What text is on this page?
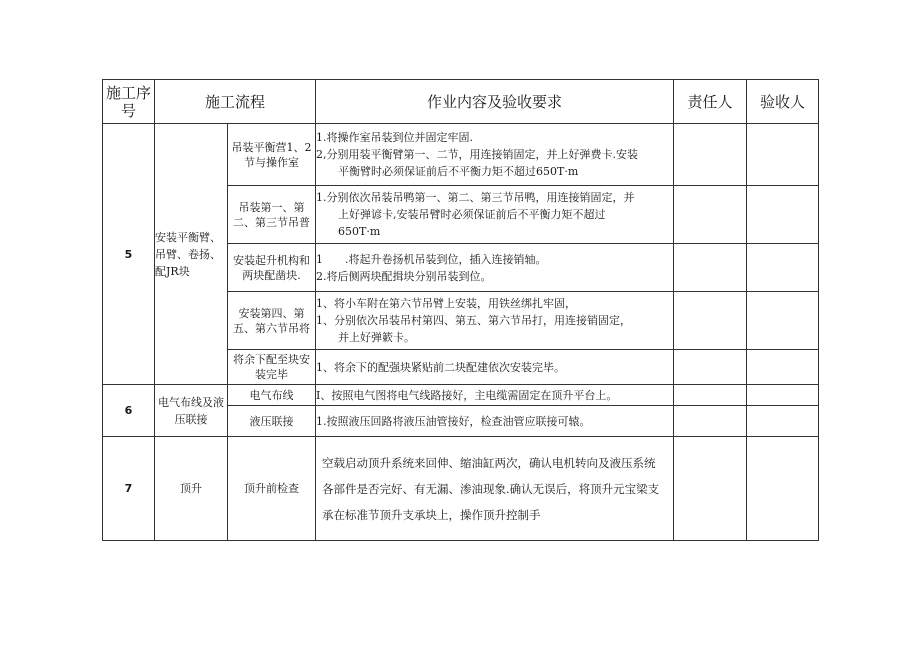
施工序号	施工流程		作业内容及验收要求	责任人	验收人
5	安装平衡臂、吊臂、卷扬、配JR块	吊装平衡营1、2节与操作室	1.将操作室吊装到位并固定牢固.
2,分别用装平衡臂第一、二节，用连接销固定，并上好弹费卡.安装
平衡臂时必须保证前后不平衡力矩不超过650T·m		

		吊装第一、第二、第三节吊普	1.分别依次吊装吊鸭第一、第二、第三节吊鸭，用连接销固定，并
上好弹谚卡,安装吊臂时必须保证前后不平衡力矩不超过
650T·m		

		安装起升机构和两块配凿块.	1　　.将起升卷扬机吊装到位，插入连接销轴。
2.将后侧两块配揖块分别吊装到位。		

		安装第四、第五、第六节吊将	1、将小车附在第六节吊臂上安装，用铁丝绑扎牢固，
1、分别依次吊装吊村第四、第五、第六节吊打，用连接销固定，
并上好弹簌卡。		

		将余下配至块安装完毕	1、将余下的配强块紧贴前二块配建依次安装完毕。		

6	电气布线及液压联接	电气布线	I、按照电气图将电气线路接好，主电缆需固定在顶升平台上。		

		液压联接	1.按照液压回路将液压油管接好，检查油管应联接可辕。		

7	顶升	顶升前检查	空载启动顶升系统来回伸、缩油缸两次，确认电机转向及液压系统
各部件是否完好、有无漏、渗油现象.确认无误后，将顶升元宝梁支
承在标准节顶升支承块上，操作顶升控制手		
